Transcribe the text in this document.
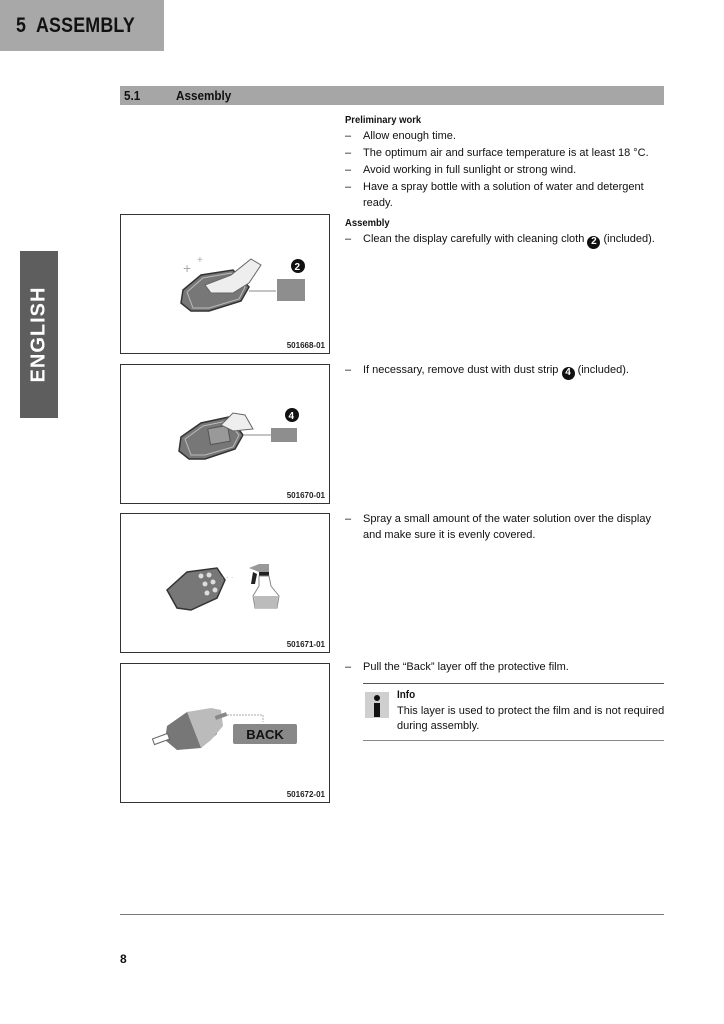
5 ASSEMBLY
ENGLISH
5.1	Assembly
Preliminary work
– Allow enough time.
– The optimum air and surface temperature is at least 18 °C.
– Avoid working in full sunlight or strong wind.
– Have a spray bottle with a solution of water and detergent ready.
Assembly
– Clean the display carefully with cleaning cloth 2 (included).
– If necessary, remove dust with dust strip 4 (included).
– Spray a small amount of the water solution over the display and make sure it is evenly covered.
– Pull the “Back” layer off the protective film.
Info
This layer is used to protect the film and is not required during assembly.
+ +
2
501668-01
4
501670-01
· · ·
501671-01
BACK
501672-01
8
